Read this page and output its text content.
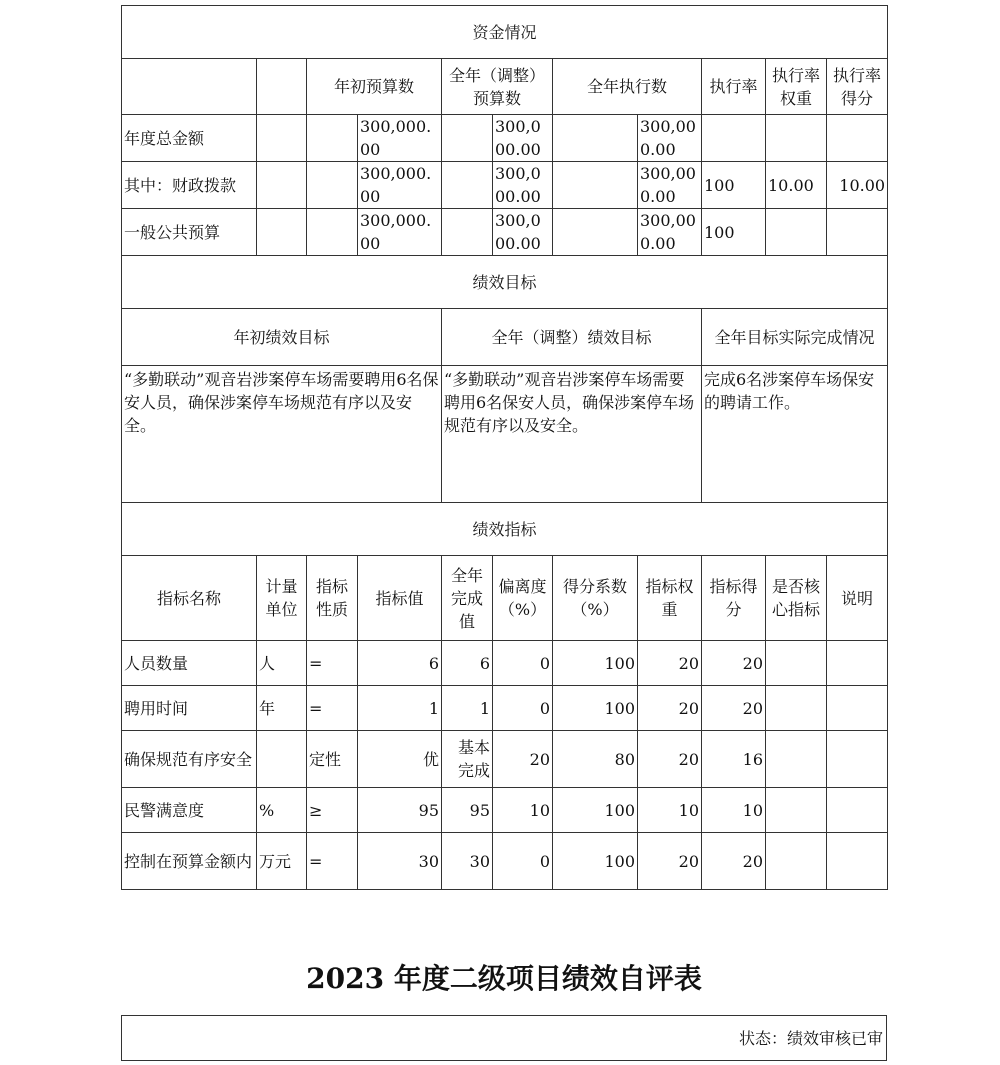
资金情况										
		年初预算数		全年（调整）预算数		全年执行数		执行率	执行率权重	执行率得分
年度总金额			300,000.00		300,000.00		300,000.00			
其中：财政拨款			300,000.00		300,000.00		300,000.00	100	10.00	10.00
一般公共预算			300,000.00		300,000.00		300,000.00	100		
绩效目标										
年初绩效目标				全年（调整）绩效目标				全年目标实际完成情况		
“多勤联动”观音岩涉案停车场需要聘用6名保安人员，确保涉案停车场规范有序以及安全。				“多勤联动”观音岩涉案停车场需要聘用6名保安人员，确保涉案停车场规范有序以及安全。				完成6名涉案停车场保安的聘请工作。		
绩效指标										
指标名称	计量单位	指标性质	指标值	全年完成值	偏离度（%）	得分系数（%）	指标权重	指标得分	是否核心指标	说明
人员数量	人	=	6	6	0	100	20	20		
聘用时间	年	=	1	1	0	100	20	20		
确保规范有序安全		定性	优	基本完成	20	80	20	16		
民警满意度	%	≥	95	95	10	100	10	10		
控制在预算金额内	万元	=	30	30	0	100	20	20		
2023 年度二级项目绩效自评表
状态：绩效审核已审
